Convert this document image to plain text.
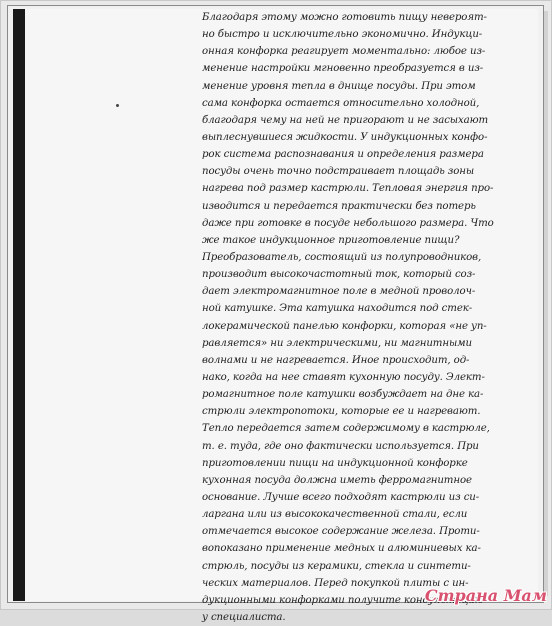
Благодаря этому можно готовить пищу невероят-
но быстро и исключительно экономично. Индукци-
онная конфорка реагирует моментально: любое из-
менение настройки мгновенно преобразуется в из-
менение уровня тепла в днище посуды. При этом
сама конфорка остается относительно холодной,
благодаря чему на ней не пригорают и не засыхают
выплеснувшиеся жидкости. У индукционных конфо-
рок система распознавания и определения размера
посуды очень точно подстраивает площадь зоны
нагрева под размер кастрюли. Тепловая энергия про-
изводится и передается практически без потерь
даже при готовке в посуде небольшого размера. Что
же такое индукционное приготовление пищи?
Преобразователь, состоящий из полупроводников,
производит высокочастотный ток, который соз-
дает электромагнитное поле в медной проволоч-
ной катушке. Эта катушка находится под стек-
локерамической панелью конфорки, которая «не уп-
равляется» ни электрическими, ни магнитными
волнами и не нагревается. Иное происходит, од-
нако, когда на нее ставят кухонную посуду. Элект-
ромагнитное поле катушки возбуждает на дне ка-
стрюли электропотоки, которые ее и нагревают.
Тепло передается затем содержимому в кастрюле,
т. е. туда, где оно фактически используется. При
приготовлении пищи на индукционной конфорке
кухонная посуда должна иметь ферромагнитное
основание. Лучше всего подходят кастрюли из си-
ларгана или из высококачественной стали, если
отмечается высокое содержание железа. Проти-
вопоказано применение медных и алюминиевых ка-
стрюль, посуды из керамики, стекла и синтети-
ческих материалов. Перед покупкой плиты с ин-
дукционными конфорками получите консультацию
у специалиста.
Страна Мам
